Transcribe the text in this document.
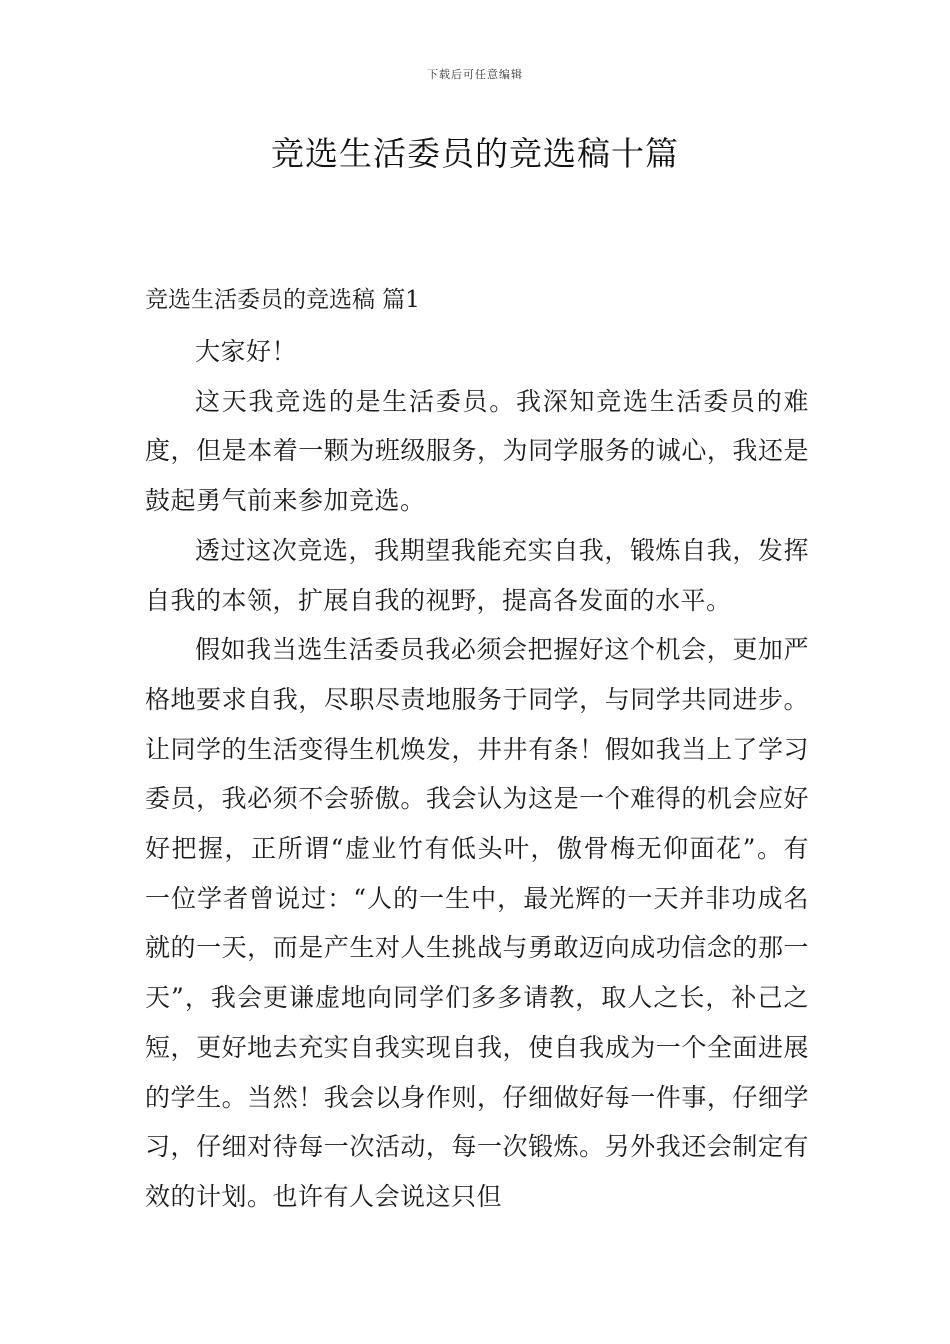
下载后可任意编辑
竞选生活委员的竞选稿十篇
竞选生活委员的竞选稿 篇1

大家好！

这天我竞选的是生活委员。我深知竞选生活委员的难度，但是本着一颗为班级服务，为同学服务的诚心，我还是鼓起勇气前来参加竞选。

透过这次竞选，我期望我能充实自我，锻炼自我，发挥自我的本领，扩展自我的视野，提高各发面的水平。

假如我当选生活委员我必须会把握好这个机会，更加严格地要求自我，尽职尽责地服务于同学，与同学共同进步。让同学的生活变得生机焕发，井井有条！假如我当上了学习委员，我必须不会骄傲。我会认为这是一个难得的机会应好好把握，正所谓“虚业竹有低头叶，傲骨梅无仰面花”。有一位学者曾说过：“人的一生中，最光辉的一天并非功成名就的一天，而是产生对人生挑战与勇敢迈向成功信念的那一天”，我会更谦虚地向同学们多多请教，取人之长，补己之短，更好地去充实自我实现自我，使自我成为一个全面进展的学生。当然！我会以身作则，仔细做好每一件事，仔细学习，仔细对待每一次活动，每一次锻炼。另外我还会制定有效的计划。也许有人会说这只但
